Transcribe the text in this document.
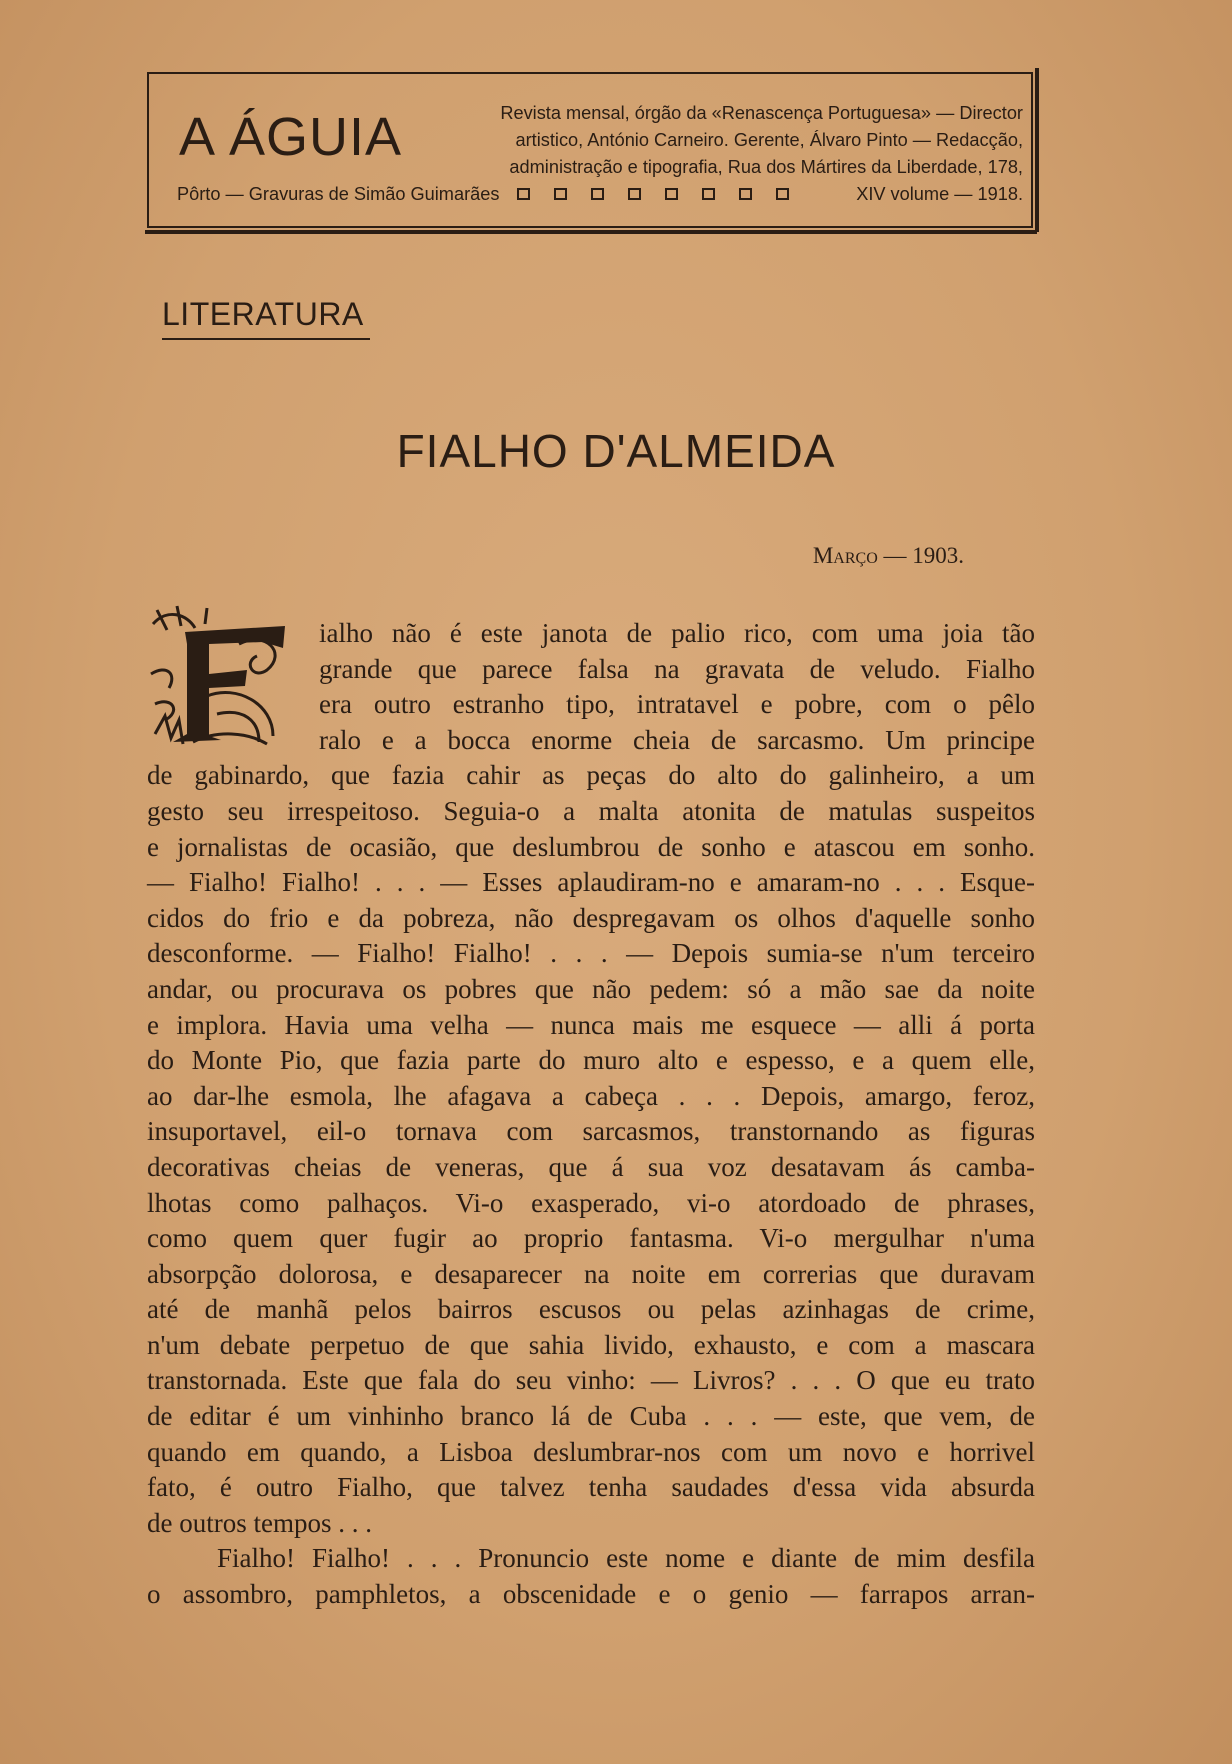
A ÁGUIA	Revista mensal, órgão da «Renascença Portuguesa» — Director
artistico, António Carneiro. Gerente, Álvaro Pinto — Redacção,
administração e tipografia, Rua dos Mártires da Liberdade, 178,
Pôrto — Gravuras de Simão Guimarães	XIV volume — 1918.
LITERATURA
FIALHO D'ALMEIDA
Março — 1903.
ialho não é este janota de palio rico, com uma joia tão
grande que parece falsa na gravata de veludo. Fialho
era outro estranho tipo, intratavel e pobre, com o pêlo
ralo e a bocca enorme cheia de sarcasmo. Um principe
de gabinardo, que fazia cahir as peças do alto do galinheiro, a um
gesto seu irrespeitoso. Seguia-o a malta atonita de matulas suspeitos
e jornalistas de ocasião, que deslumbrou de sonho e atascou em sonho.
— Fialho! Fialho! . . . — Esses aplaudiram-no e amaram-no . . . Esque-
cidos do frio e da pobreza, não despregavam os olhos d'aquelle sonho
desconforme. — Fialho! Fialho! . . . — Depois sumia-se n'um terceiro
andar, ou procurava os pobres que não pedem: só a mão sae da noite
e implora. Havia uma velha — nunca mais me esquece — alli á porta
do Monte Pio, que fazia parte do muro alto e espesso, e a quem elle,
ao dar-lhe esmola, lhe afagava a cabeça . . . Depois, amargo, feroz,
insuportavel, eil-o tornava com sarcasmos, transtornando as figuras
decorativas cheias de veneras, que á sua voz desatavam ás camba-
lhotas como palhaços. Vi-o exasperado, vi-o atordoado de phrases,
como quem quer fugir ao proprio fantasma. Vi-o mergulhar n'uma
absorpção dolorosa, e desaparecer na noite em correrias que duravam
até de manhã pelos bairros escusos ou pelas azinhagas de crime,
n'um debate perpetuo de que sahia livido, exhausto, e com a mascara
transtornada. Este que fala do seu vinho: — Livros? . . . O que eu trato
de editar é um vinhinho branco lá de Cuba . . . — este, que vem, de
quando em quando, a Lisboa deslumbrar-nos com um novo e horrivel
fato, é outro Fialho, que talvez tenha saudades d'essa vida absurda
de outros tempos . . .
Fialho! Fialho! . . . Pronuncio este nome e diante de mim desfila
o assombro, pamphletos, a obscenidade e o genio — farrapos arran-
